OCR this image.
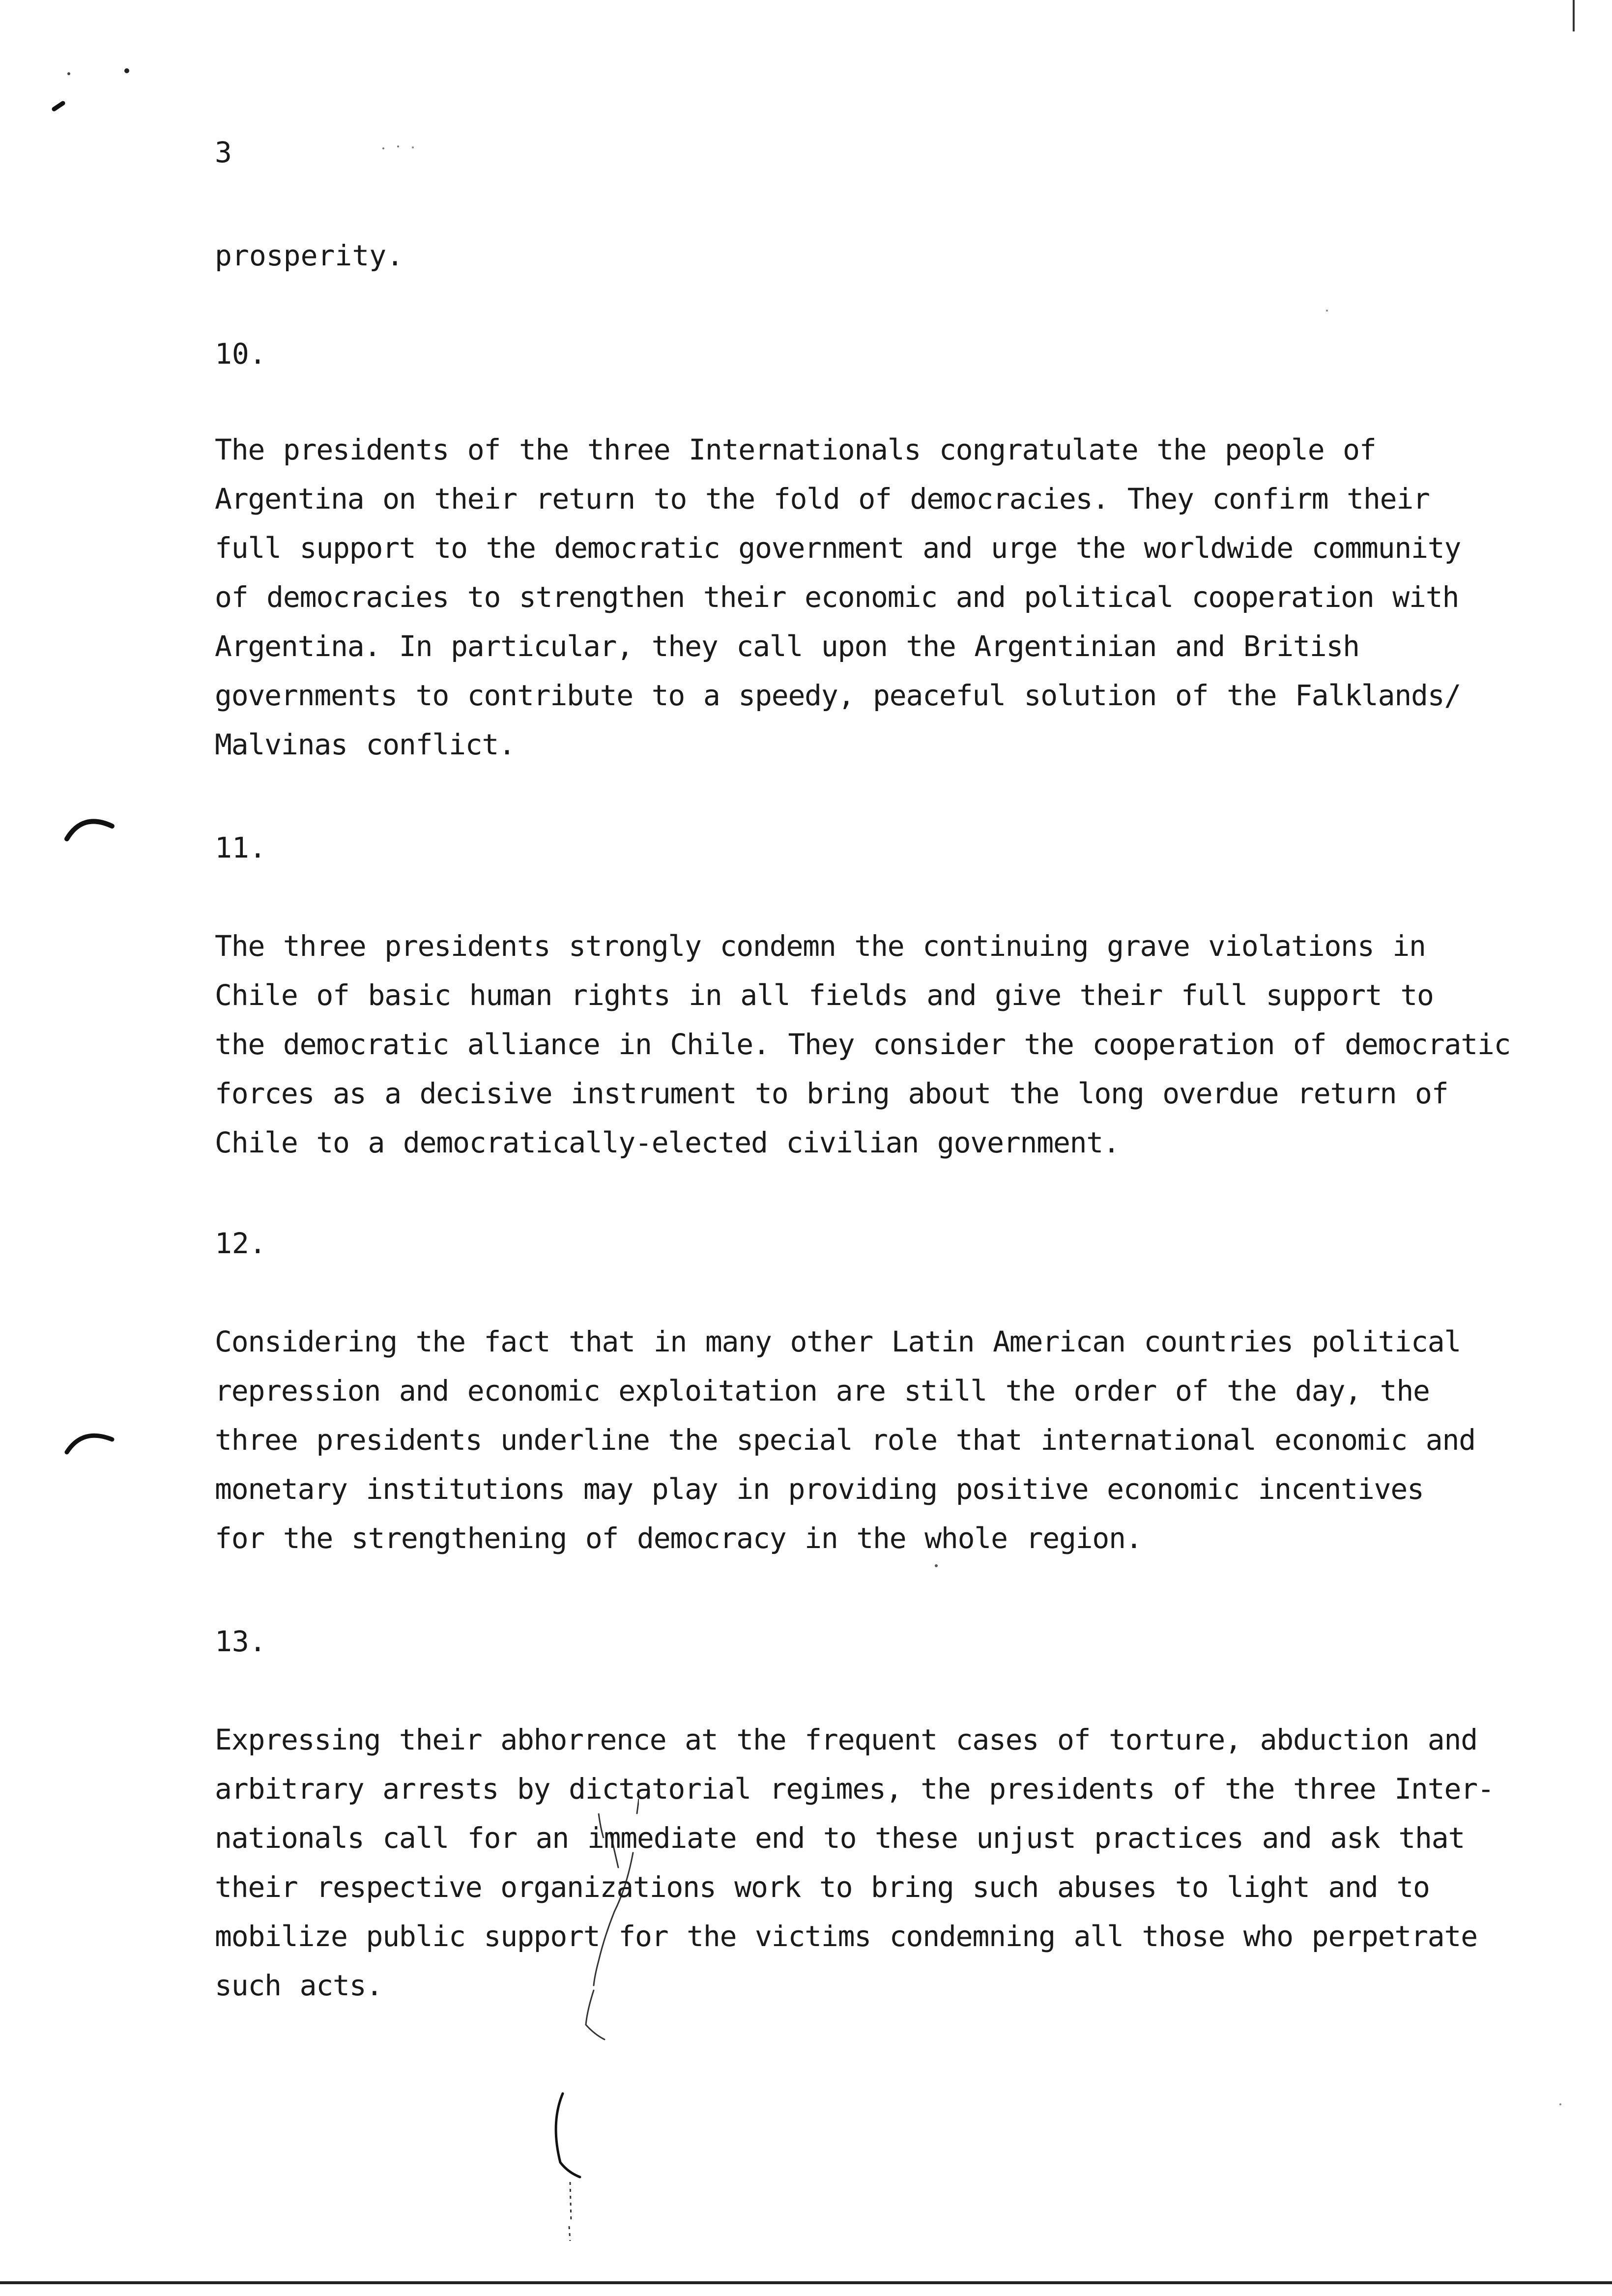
3
prosperity.
10.
The presidents of the three Internationals congratulate the people of
Argentina on their return to the fold of democracies. They confirm their
full support to the democratic government and urge the worldwide community
of democracies to strengthen their economic and political cooperation with
Argentina. In particular, they call upon the Argentinian and British
governments to contribute to a speedy, peaceful solution of the Falklands/
Malvinas conflict.
11.
The three presidents strongly condemn the continuing grave violations in
Chile of basic human rights in all fields and give their full support to
the democratic alliance in Chile. They consider the cooperation of democratic
forces as a decisive instrument to bring about the long overdue return of
Chile to a democratically-elected civilian government.
12.
Considering the fact that in many other Latin American countries political
repression and economic exploitation are still the order of the day, the
three presidents underline the special role that international economic and
monetary institutions may play in providing positive economic incentives
for the strengthening of democracy in the whole region.
13.
Expressing their abhorrence at the frequent cases of torture, abduction and
arbitrary arrests by dictatorial regimes, the presidents of the three Inter-
nationals call for an immediate end to these unjust practices and ask that
their respective organizations work to bring such abuses to light and to
mobilize public support for the victims condemning all those who perpetrate
such acts.
